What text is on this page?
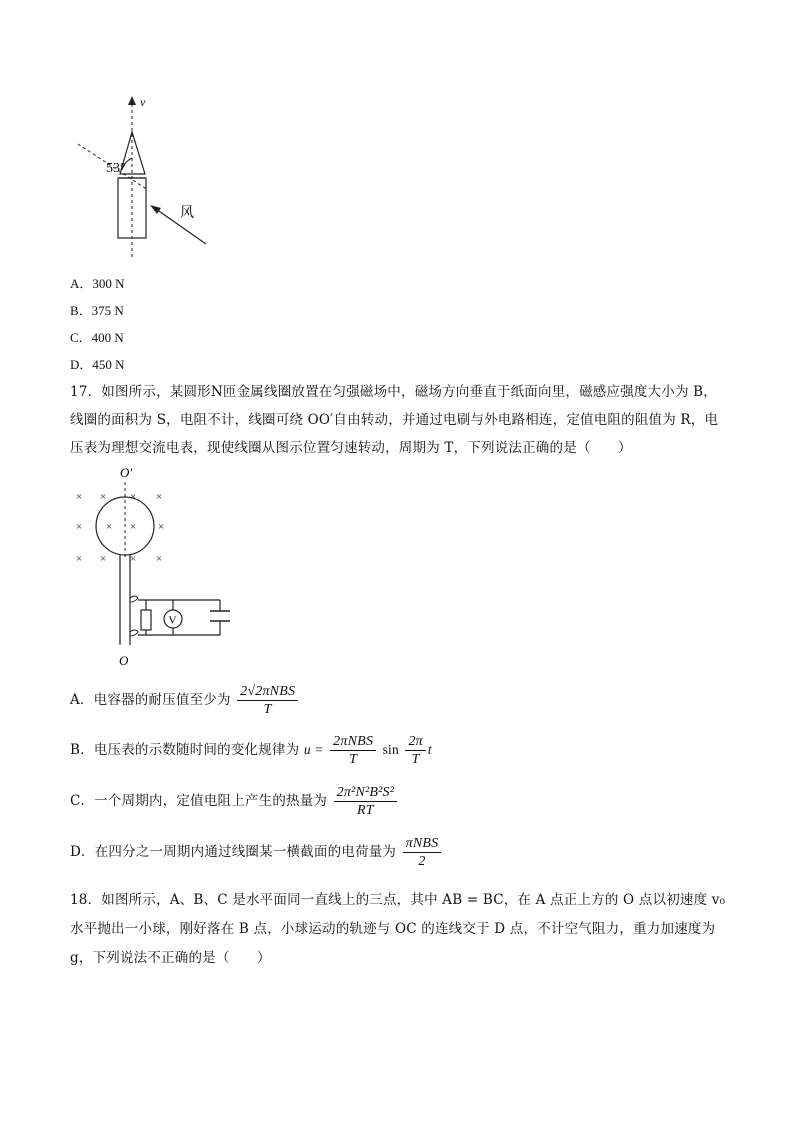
v
风
53°
A．300 N
B．375 N
C．400 N
D．450 N
17．如图所示，某圆形N匝金属线圈放置在匀强磁场中，磁场方向垂直于纸面向里，磁感应强度大小为 B，
线圈的面积为 S，电阻不计，线圈可绕 OO′自由转动，并通过电刷与外电路相连，定值电阻的阻值为 R，电
压表为理想交流电表，现使线圈从图示位置匀速转动，周期为 T，下列说法正确的是（　　）
O′
× × × ×
× × × ×
× × × ×
V
O
A．电容器的耐压值至少为 $\frac{\text{2√2πNBS}}{T}$
B．电压表的示数随时间的变化规律为 $u = \frac{\text{2πNBS}}{T}$ $\sin \frac{2\pi}{T}$ t
C．一个周期内，定值电阻上产生的热量为 $\frac{\text{2π²N²B²S²}}{RT}$
D．在四分之一周期内通过线圈某一横截面的电荷量为 $\frac{\text{πNBS}}{2}$
18．如图所示，A、B、C 是水平面同一直线上的三点，其中 AB = BC，在 A 点正上方的 O 点以初速度 v₀
水平抛出一小球，刚好落在 B 点，小球运动的轨迹与 OC 的连线交于 D 点，不计空气阻力，重力加速度为
g，下列说法不正确的是（　　）
